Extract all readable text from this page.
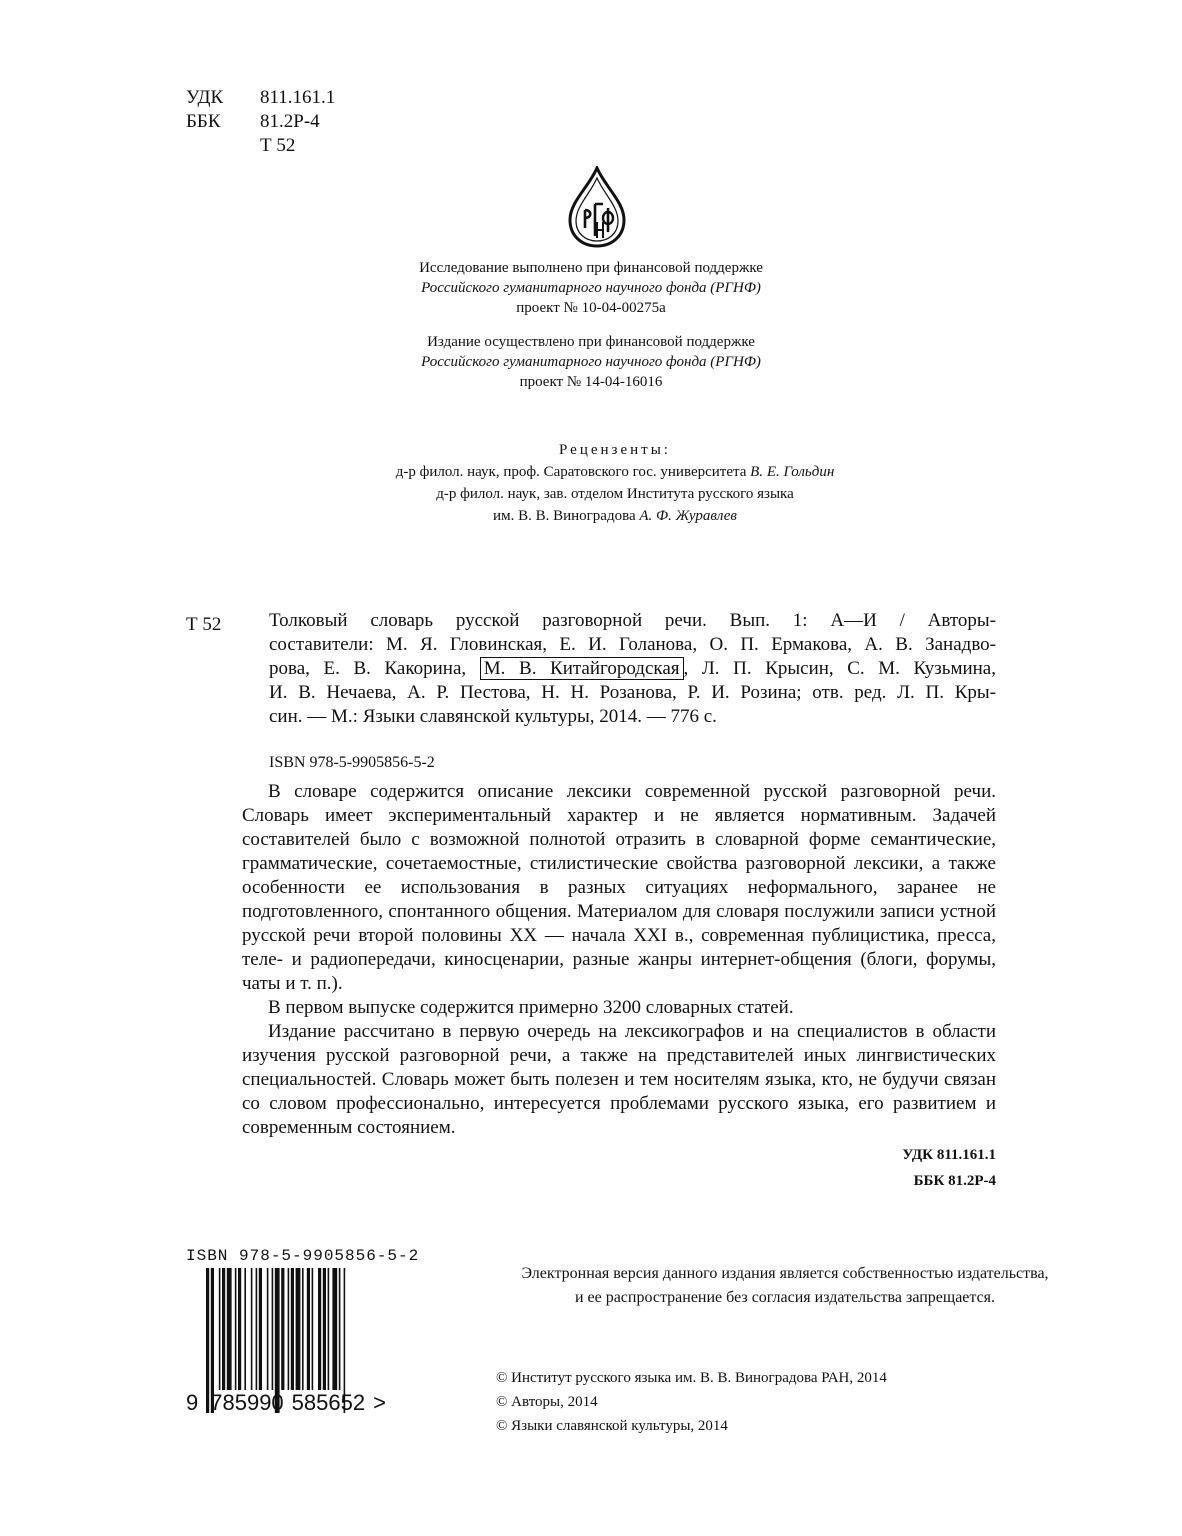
УДК	811.161.1
ББК	81.2Р-4
Т 52
Исследование выполнено при финансовой поддержке
Российского гуманитарного научного фонда (РГНФ)
проект № 10-04-00275а
Издание осуществлено при финансовой поддержке
Российского гуманитарного научного фонда (РГНФ)
проект № 14-04-16016
Рецензенты:
д-р филол. наук, проф. Саратовского гос. университета В. Е. Гольдин
д-р филол. наук, зав. отделом Института русского языка
им. В. В. Виноградова А. Ф. Журавлев
Т 52	Толковый словарь русской разговорной речи. Вып. 1: А—И / Авторы-
составители: М. Я. Гловинская, Е. И. Голанова, О. П. Ермакова, А. В. Занадво-
рова, Е. В. Какорина, М. В. Китайгородская , Л. П. Крысин, С. М. Кузьмина,
И. В. Нечаева, А. Р. Пестова, Н. Н. Розанова, Р. И. Розина; отв. ред. Л. П. Кры-
син. — М.: Языки славянской культуры, 2014. — 776 с.
ISBN 978-5-9905856-5-2

В словаре содержится описание лексики современной русской разговорной речи. Словарь имеет экспериментальный характер и не является нормативным. Задачей составителей было с возможной полнотой отразить в словарной форме семантические, грамматические, сочетаемостные, стилистические свойства разговорной лексики, а также особенности ее использования в разных ситуациях неформального, заранее не подготовленного, спонтанного общения. Материалом для словаря послужили записи устной русской речи второй половины XX — начала XXI в., современная публицистика, пресса, теле- и радиопередачи, киносценарии, разные жанры интернет-общения (блоги, форумы, чаты и т. п.).

В первом выпуске содержится примерно 3200 словарных статей.

Издание рассчитано в первую очередь на лексикографов и на специалистов в области изучения русской разговорной речи, а также на представителей иных лингвистических специальностей. Словарь может быть полезен и тем носителям языка, кто, не будучи связан со словом профессионально, интересуется проблемами русского языка, его развитием и современным состоянием.

УДК 811.161.1
ББК 81.2Р-4
ISBN 978-5-9905856-5-2
9 785990 585652 >
Электронная версия данного издания является собственностью издательства,
и ее распространение без согласия издательства запрещается.
© Институт русского языка им. В. В. Виноградова РАН, 2014
© Авторы, 2014
© Языки славянской культуры, 2014
